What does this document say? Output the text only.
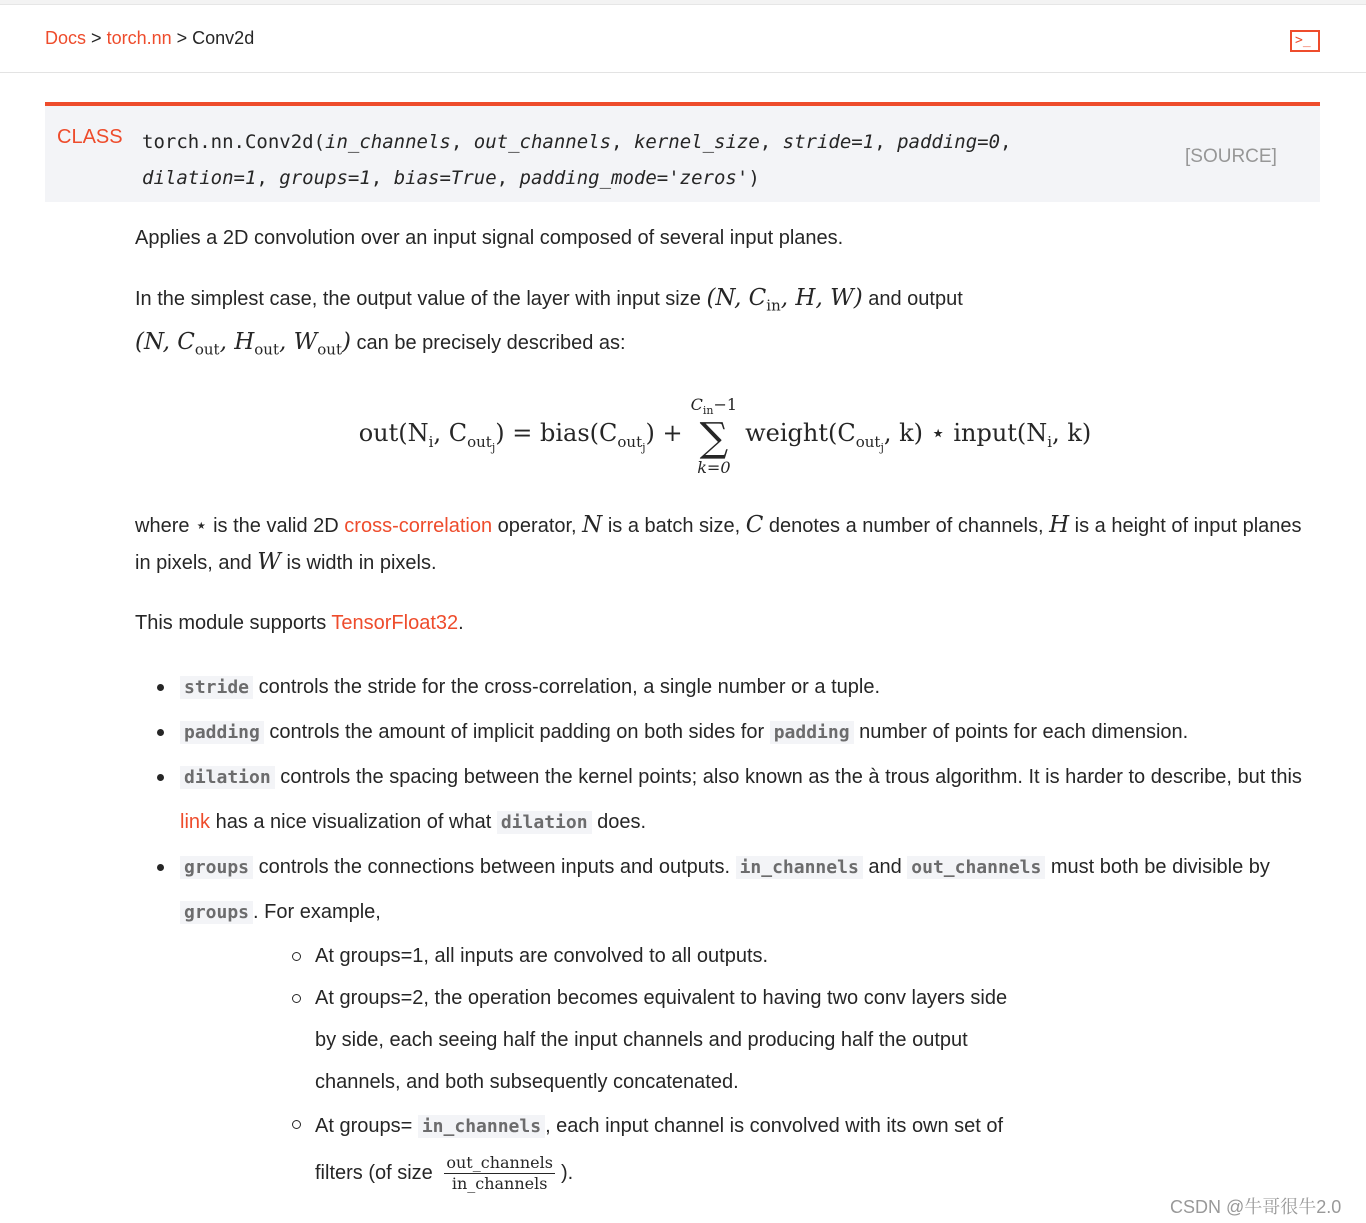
Docs > torch.nn > Conv2d	>_
CLASS torch.nn.Conv2d(in_channels, out_channels, kernel_size, stride=1, padding=0,
dilation=1, groups=1, bias=True, padding_mode='zeros')
[SOURCE]

Applies a 2D convolution over an input signal composed of several input planes.

In the simplest case, the output value of the layer with input size (N, $C_{in}$, H, W) and output
(N, $C_{out}$, $H_{out}$, $W_{out}$) can be precisely described as:

$out(N_i$, $C_{out_j}$) = $bias(C_{out_j})$ +
$C_{in}-1$
∑
k=0
$weight(C_{out_j}$, k) ⋆ $input(N_i$, k)

where ⋆ is the valid 2D cross-correlation operator, N is a batch size, C denotes a number of channels, H is a height of input planes in pixels, and W is width in pixels.

This module supports TensorFloat32.

stride controls the stride for the cross-correlation, a single number or a tuple.
padding controls the amount of implicit padding on both sides for padding number of points for each dimension.
dilation controls the spacing between the kernel points; also known as the à trous algorithm. It is harder to describe, but this link has a nice visualization of what dilation does.
groups controls the connections between inputs and outputs. in_channels and out_channels must both be divisible by groups . For example,
At groups=1, all inputs are convolved to all outputs.
At groups=2, the operation becomes equivalent to having two conv layers side by side, each seeing half the input channels and producing half the output channels, and both subsequently concatenated.
At groups= in_channels , each input channel is convolved with its own set of filters (of size $\frac{\text{out\_channels}}{\text{in\_channels}}$ ).
CSDN @牛哥很牛2.0
